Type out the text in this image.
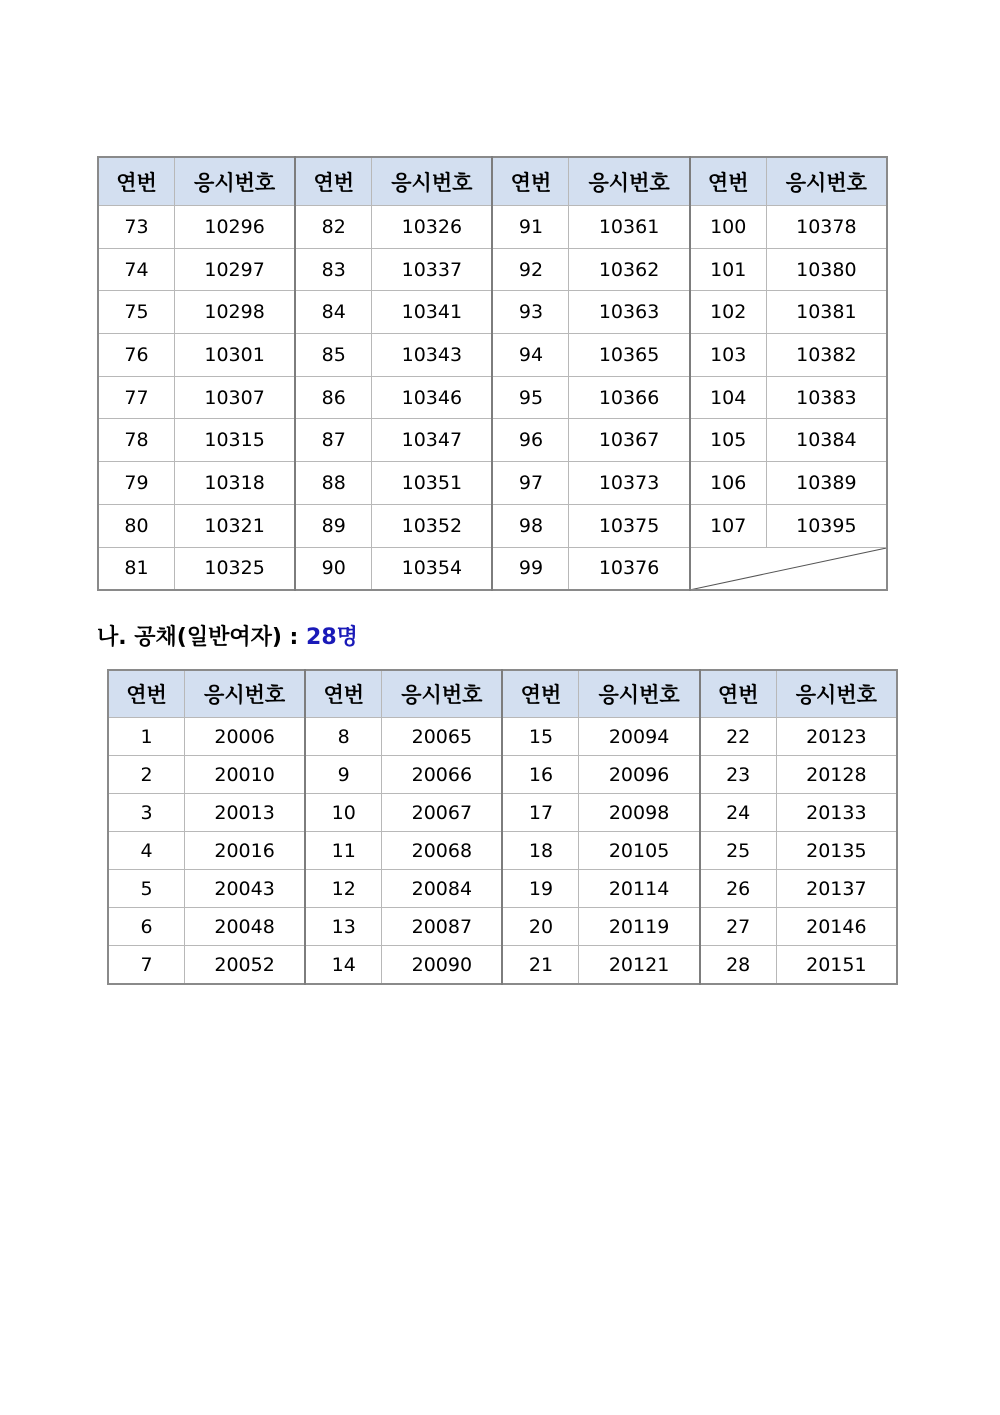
연번	응시번호	연번	응시번호	연번	응시번호	연번	응시번호
73	10296	82	10326	91	10361	100	10378
74	10297	83	10337	92	10362	101	10380
75	10298	84	10341	93	10363	102	10381
76	10301	85	10343	94	10365	103	10382
77	10307	86	10346	95	10366	104	10383
78	10315	87	10347	96	10367	105	10384
79	10318	88	10351	97	10373	106	10389
80	10321	89	10352	98	10375	107	10395
81	10325	90	10354	99	10376	
나. 공채(일반여자) : 28명
연번	응시번호	연번	응시번호	연번	응시번호	연번	응시번호
1	20006	8	20065	15	20094	22	20123
2	20010	9	20066	16	20096	23	20128
3	20013	10	20067	17	20098	24	20133
4	20016	11	20068	18	20105	25	20135
5	20043	12	20084	19	20114	26	20137
6	20048	13	20087	20	20119	27	20146
7	20052	14	20090	21	20121	28	20151
